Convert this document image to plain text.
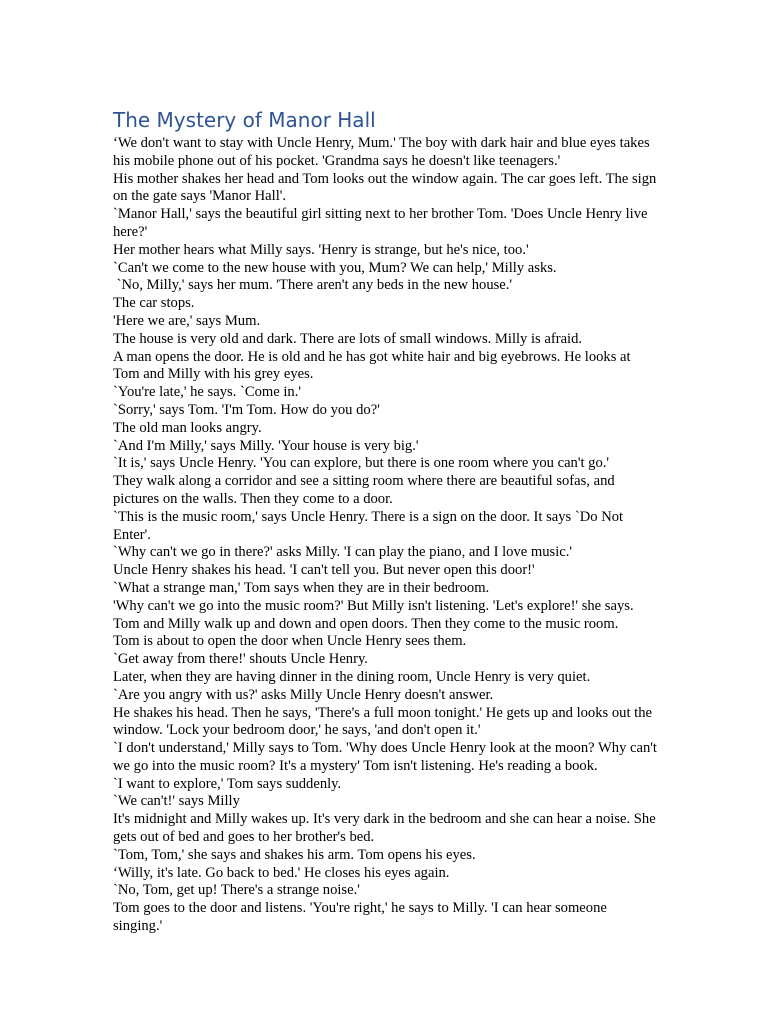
The Mystery of Manor Hall

‘We don't want to stay with Uncle Henry, Mum.' The boy with dark hair and blue eyes takes his mobile phone out of his pocket. 'Grandma says he doesn't like teenagers.'

His mother shakes her head and Tom looks out the window again. The car goes left. The sign on the gate says 'Manor Hall'.

`Manor Hall,' says the beautiful girl sitting next to her brother Tom. 'Does Uncle Henry live here?'

Her mother hears what Milly says. 'Henry is strange, but he's nice, too.'

`Can't we come to the new house with you, Mum? We can help,' Milly asks.

`No, Milly,' says her mum. 'There aren't any beds in the new house.'

The car stops.

'Here we are,' says Mum.

The house is very old and dark. There are lots of small windows. Milly is afraid.

A man opens the door. He is old and he has got white hair and big eyebrows. He looks at Tom and Milly with his grey eyes.

`You're late,' he says. `Come in.'

`Sorry,' says Tom. 'I'm Tom. How do you do?'

The old man looks angry.

`And I'm Milly,' says Milly. 'Your house is very big.'

`It is,' says Uncle Henry. 'You can explore, but there is one room where you can't go.'

They walk along a corridor and see a sitting room where there are beautiful sofas, and pictures on the walls. Then they come to a door.

`This is the music room,' says Uncle Henry. There is a sign on the door. It says `Do Not Enter'.

`Why can't we go in there?' asks Milly. 'I can play the piano, and I love music.'

Uncle Henry shakes his head. 'I can't tell you. But never open this door!'

`What a strange man,' Tom says when they are in their bedroom.

'Why can't we go into the music room?' But Milly isn't listening. 'Let's explore!' she says.

Tom and Milly walk up and down and open doors. Then they come to the music room.

Tom is about to open the door when Uncle Henry sees them.

`Get away from there!' shouts Uncle Henry.

Later, when they are having dinner in the dining room, Uncle Henry is very quiet.

`Are you angry with us?' asks Milly Uncle Henry doesn't answer.

He shakes his head. Then he says, 'There's a full moon tonight.' He gets up and looks out the window. 'Lock your bedroom door,' he says, 'and don't open it.'

`I don't understand,' Milly says to Tom. 'Why does Uncle Henry look at the moon? Why can't we go into the music room? It's a mystery' Tom isn't listening. He's reading a book.

`I want to explore,' Tom says suddenly.

`We can't!' says Milly

It's midnight and Milly wakes up. It's very dark in the bedroom and she can hear a noise. She gets out of bed and goes to her brother's bed.

`Tom, Tom,' she says and shakes his arm. Tom opens his eyes.

‘Willy, it's late. Go back to bed.' He closes his eyes again.

`No, Tom, get up! There's a strange noise.'

Tom goes to the door and listens. 'You're right,' he says to Milly. 'I can hear someone singing.'
